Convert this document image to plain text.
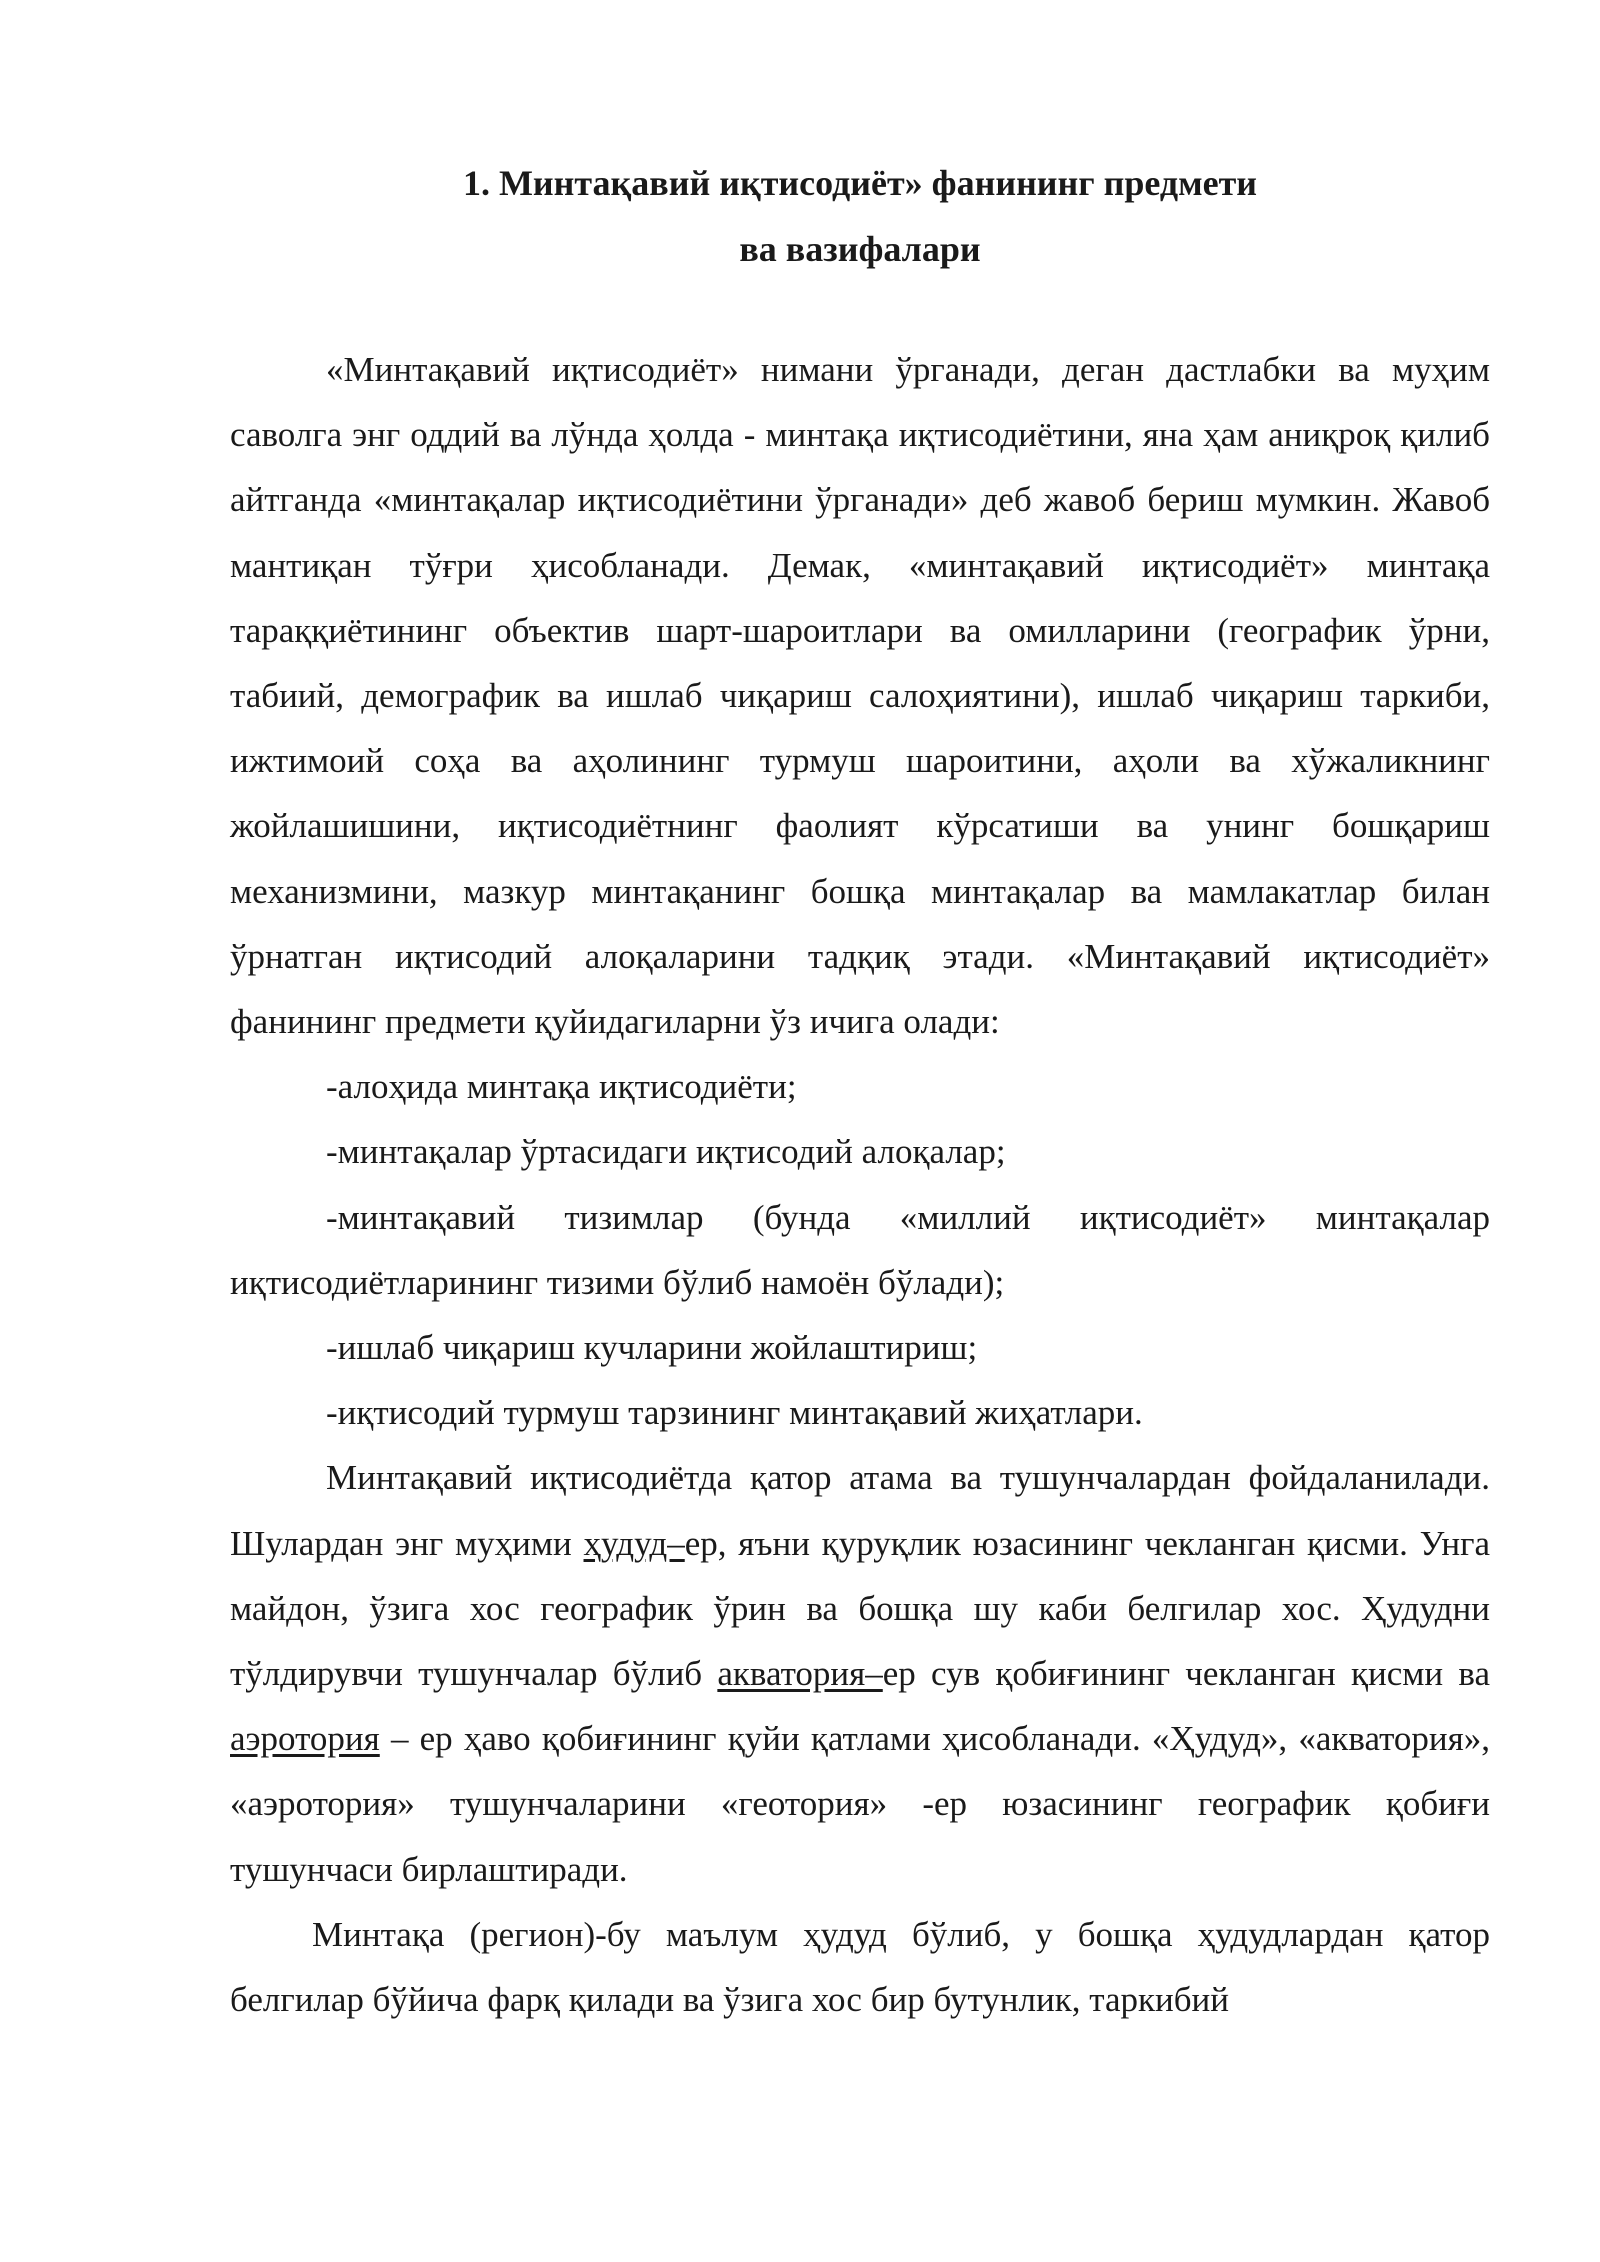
1. Минтақавий иқтисодиёт» фанининг предмети
ва вазифалари

«Минтақавий иқтисодиёт» нимани ўрганади, деган дастлабки ва муҳим саволга энг оддий ва лўнда ҳолда - минтақа иқтисодиётини, яна ҳам аниқроқ қилиб айтганда «минтақалар иқтисодиётини ўрганади» деб жавоб бериш мумкин. Жавоб мантиқан тўғри ҳисобланади. Демак, «минтақавий иқтисодиёт» минтақа тараққиётининг объектив шарт-шароитлари ва омилларини (географик ўрни, табиий, демографик ва ишлаб чиқариш салоҳиятини), ишлаб чиқариш таркиби, ижтимоий соҳа ва аҳолининг турмуш шароитини, аҳоли ва хўжаликнинг жойлашишини, иқтисодиётнинг фаолият кўрсатиши ва унинг бошқариш механизмини, мазкур минтақанинг бошқа минтақалар ва мамлакатлар билан ўрнатган иқтисодий алоқаларини тадқиқ этади. «Минтақавий иқтисодиёт» фанининг предмети қуйидагиларни ўз ичига олади:

-алоҳида минтақа иқтисодиёти;

-минтақалар ўртасидаги иқтисодий алоқалар;

-минтақавий тизимлар (бунда «миллий иқтисодиёт» минтақалар иқтисодиётларининг тизими бўлиб намоён бўлади);

-ишлаб чиқариш кучларини жойлаштириш;

-иқтисодий турмуш тарзининг минтақавий жиҳатлари.

Минтақавий иқтисодиётда қатор атама ва тушунчалардан фойдаланилади. Шулардан энг муҳими ҳудуд–ер, яъни қуруқлик юзасининг чекланган қисми. Унга майдон, ўзига хос географик ўрин ва бошқа шу каби белгилар хос. Ҳудудни тўлдирувчи тушунчалар бўлиб акватория–ер сув қобиғининг чекланган қисми ва аэротория – ер ҳаво қобиғининг қуйи қатлами ҳисобланади. «Ҳудуд», «акватория», «аэротория» тушунчаларини «геотория» -ер юзасининг географик қобиғи тушунчаси бирлаштиради.

Минтақа (регион)-бу маълум ҳудуд бўлиб, у бошқа ҳудудлардан қатор белгилар бўйича фарқ қилади ва ўзига хос бир бутунлик, таркибий
